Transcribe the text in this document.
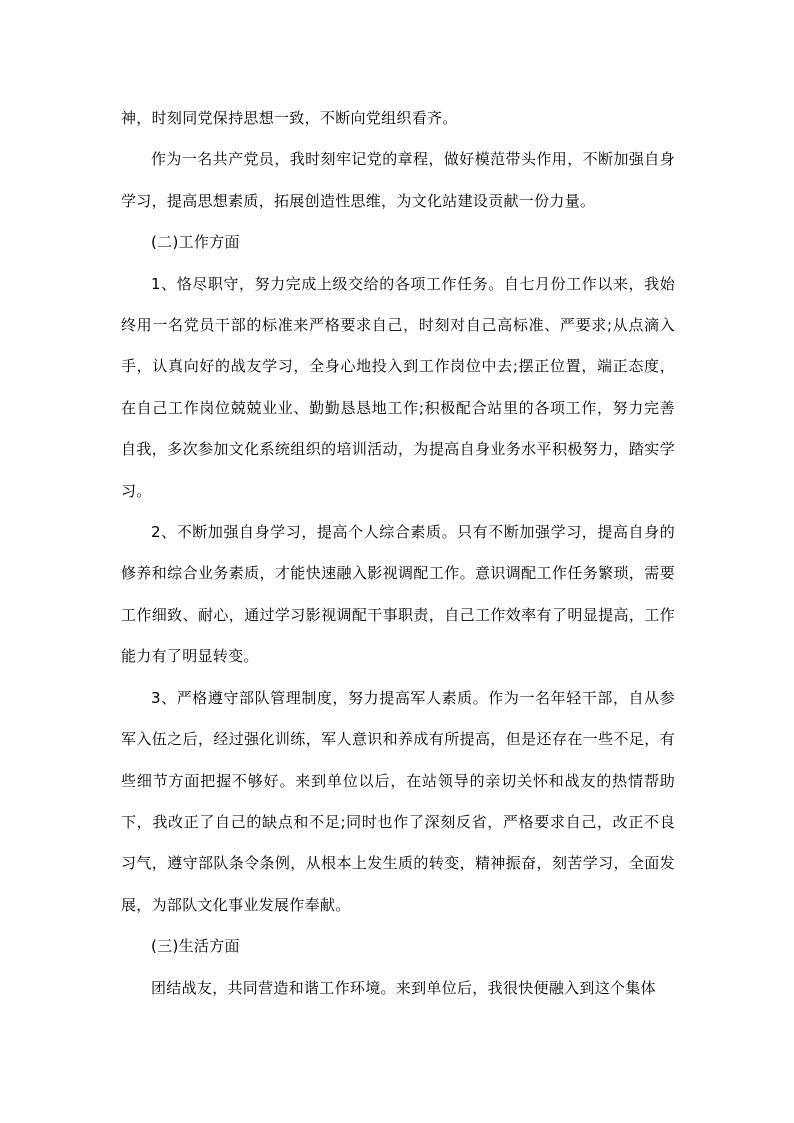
神，时刻同党保持思想一致，不断向党组织看齐。

作为一名共产党员，我时刻牢记党的章程，做好模范带头作用，不断加强自身学习，提高思想素质，拓展创造性思维，为文化站建设贡献一份力量。

(二)工作方面

1、恪尽职守，努力完成上级交给的各项工作任务。自七月份工作以来，我始终用一名党员干部的标准来严格要求自己，时刻对自己高标准、严要求;从点滴入手，认真向好的战友学习，全身心地投入到工作岗位中去;摆正位置，端正态度，在自己工作岗位兢兢业业、勤勤恳恳地工作;积极配合站里的各项工作，努力完善自我，多次参加文化系统组织的培训活动，为提高自身业务水平积极努力，踏实学习。

2、不断加强自身学习，提高个人综合素质。只有不断加强学习，提高自身的修养和综合业务素质，才能快速融入影视调配工作。意识调配工作任务繁琐，需要工作细致、耐心，通过学习影视调配干事职责，自己工作效率有了明显提高，工作能力有了明显转变。

3、严格遵守部队管理制度，努力提高军人素质。作为一名年轻干部，自从参军入伍之后，经过强化训练，军人意识和养成有所提高，但是还存在一些不足，有些细节方面把握不够好。来到单位以后，在站领导的亲切关怀和战友的热情帮助下，我改正了自己的缺点和不足;同时也作了深刻反省，严格要求自己，改正不良习气，遵守部队条令条例，从根本上发生质的转变，精神振奋，刻苦学习，全面发展，为部队文化事业发展作奉献。

(三)生活方面

团结战友，共同营造和谐工作环境。来到单位后，我很快便融入到这个集体
